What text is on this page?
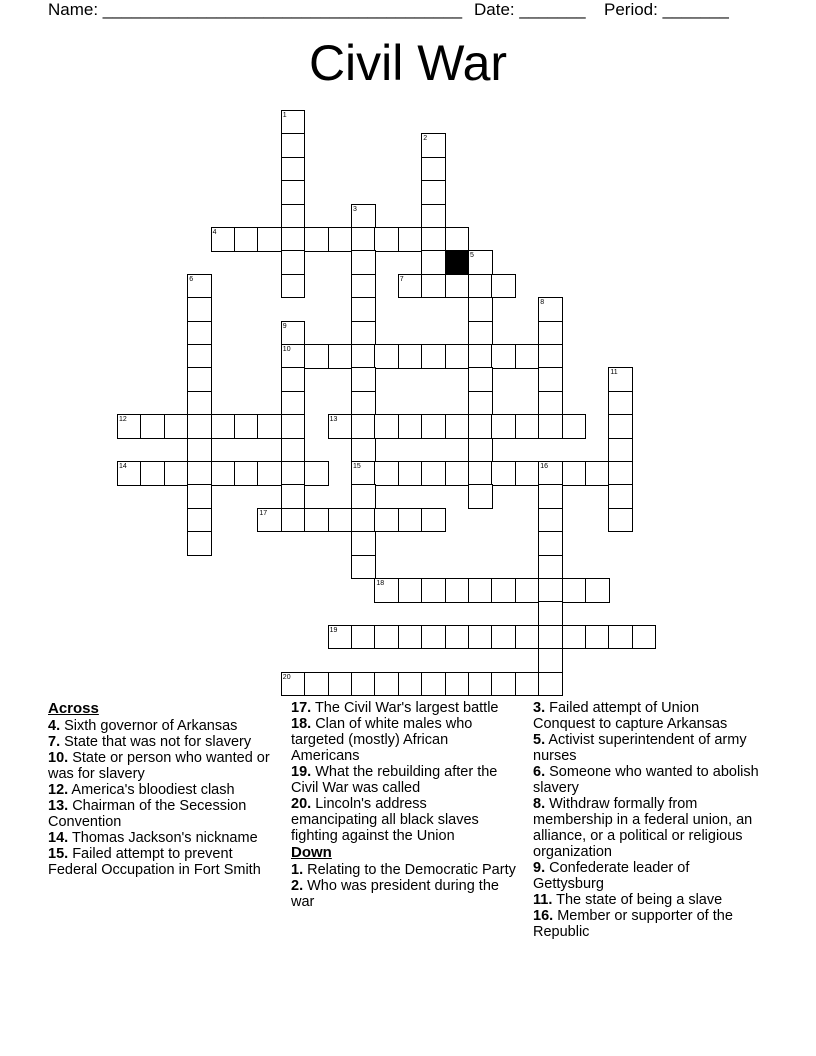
Name: ______________________________________ Date: _______ Period: _______
Civil War
4
7
10
12	13
14	15
17
18
19
20
1
2
3
5
6
8
9
11
16
Across
4. Sixth governor of Arkansas
7. State that was not for slavery
10. State or person who wanted or was for slavery
12. America's bloodiest clash
13. Chairman of the Secession Convention
14. Thomas Jackson's nickname
15. Failed attempt to prevent Federal Occupation in Fort Smith
17. The Civil War's largest battle
18. Clan of white males who targeted (mostly) African Americans
19. What the rebuilding after the Civil War was called
20. Lincoln's address emancipating all black slaves fighting against the Union
Down
1. Relating to the Democratic Party
2. Who was president during the war
3. Failed attempt of Union Conquest to capture Arkansas
5. Activist superintendent of army nurses
6. Someone who wanted to abolish slavery
8. Withdraw formally from membership in a federal union, an alliance, or a political or religious organization
9. Confederate leader of Gettysburg
11. The state of being a slave
16. Member or supporter of the Republic
